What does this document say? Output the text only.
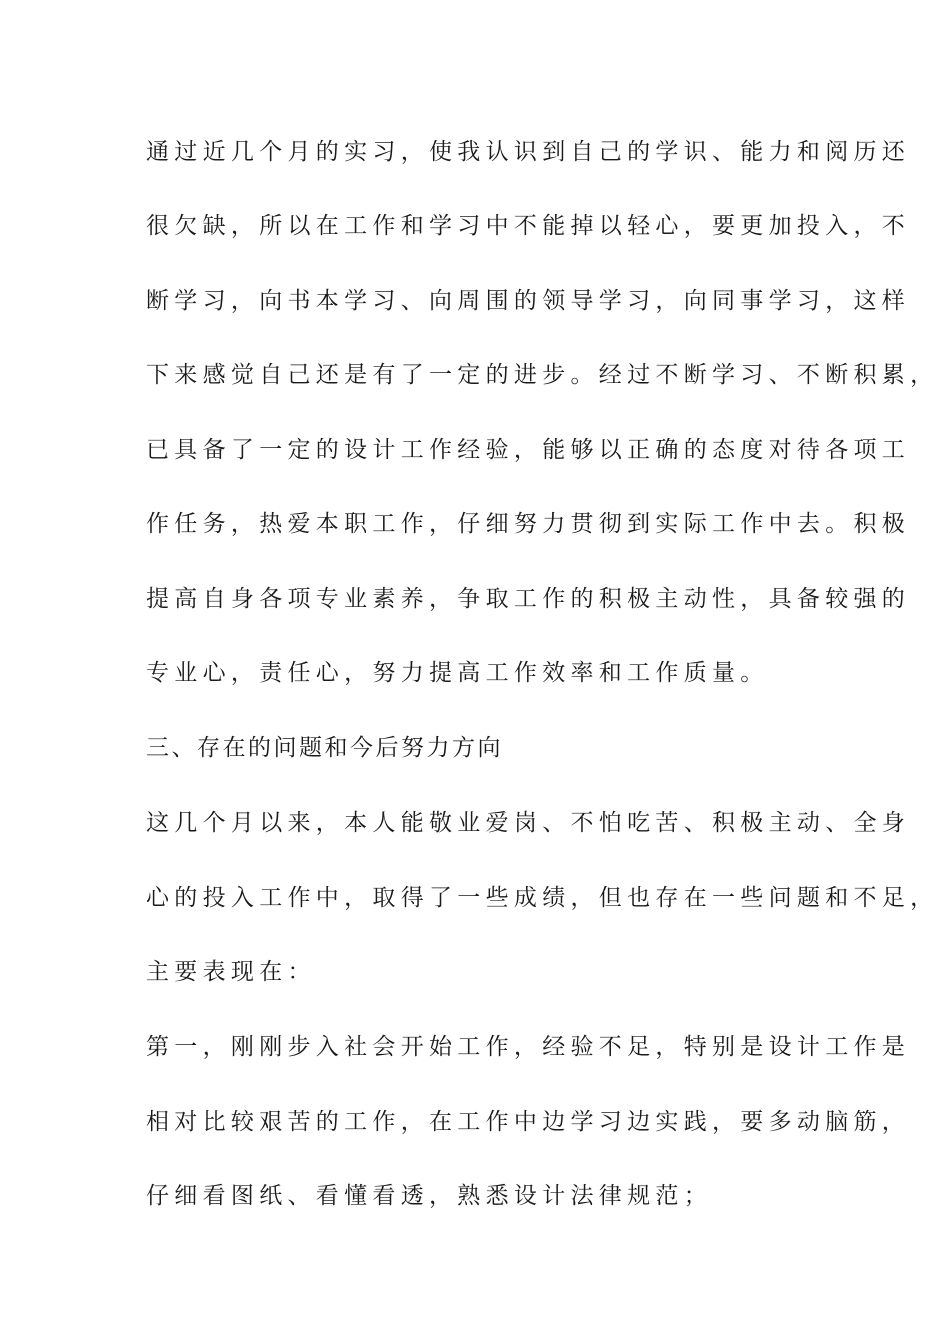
通过近几个月的实习，使我认识到自己的学识、能力和阅历还
很欠缺，所以在工作和学习中不能掉以轻心，要更加投入，不
断学习，向书本学习、向周围的领导学习，向同事学习，这样
下来感觉自己还是有了一定的进步。经过不断学习、不断积累，
已具备了一定的设计工作经验，能够以正确的态度对待各项工
作任务，热爱本职工作，仔细努力贯彻到实际工作中去。积极
提高自身各项专业素养，争取工作的积极主动性，具备较强的
专业心，责任心，努力提高工作效率和工作质量。
三、存在的问题和今后努力方向
这几个月以来，本人能敬业爱岗、不怕吃苦、积极主动、全身
心的投入工作中，取得了一些成绩，但也存在一些问题和不足，
主要表现在：
第一，刚刚步入社会开始工作，经验不足，特别是设计工作是
相对比较艰苦的工作，在工作中边学习边实践，要多动脑筋，
仔细看图纸、看懂看透，熟悉设计法律规范；
